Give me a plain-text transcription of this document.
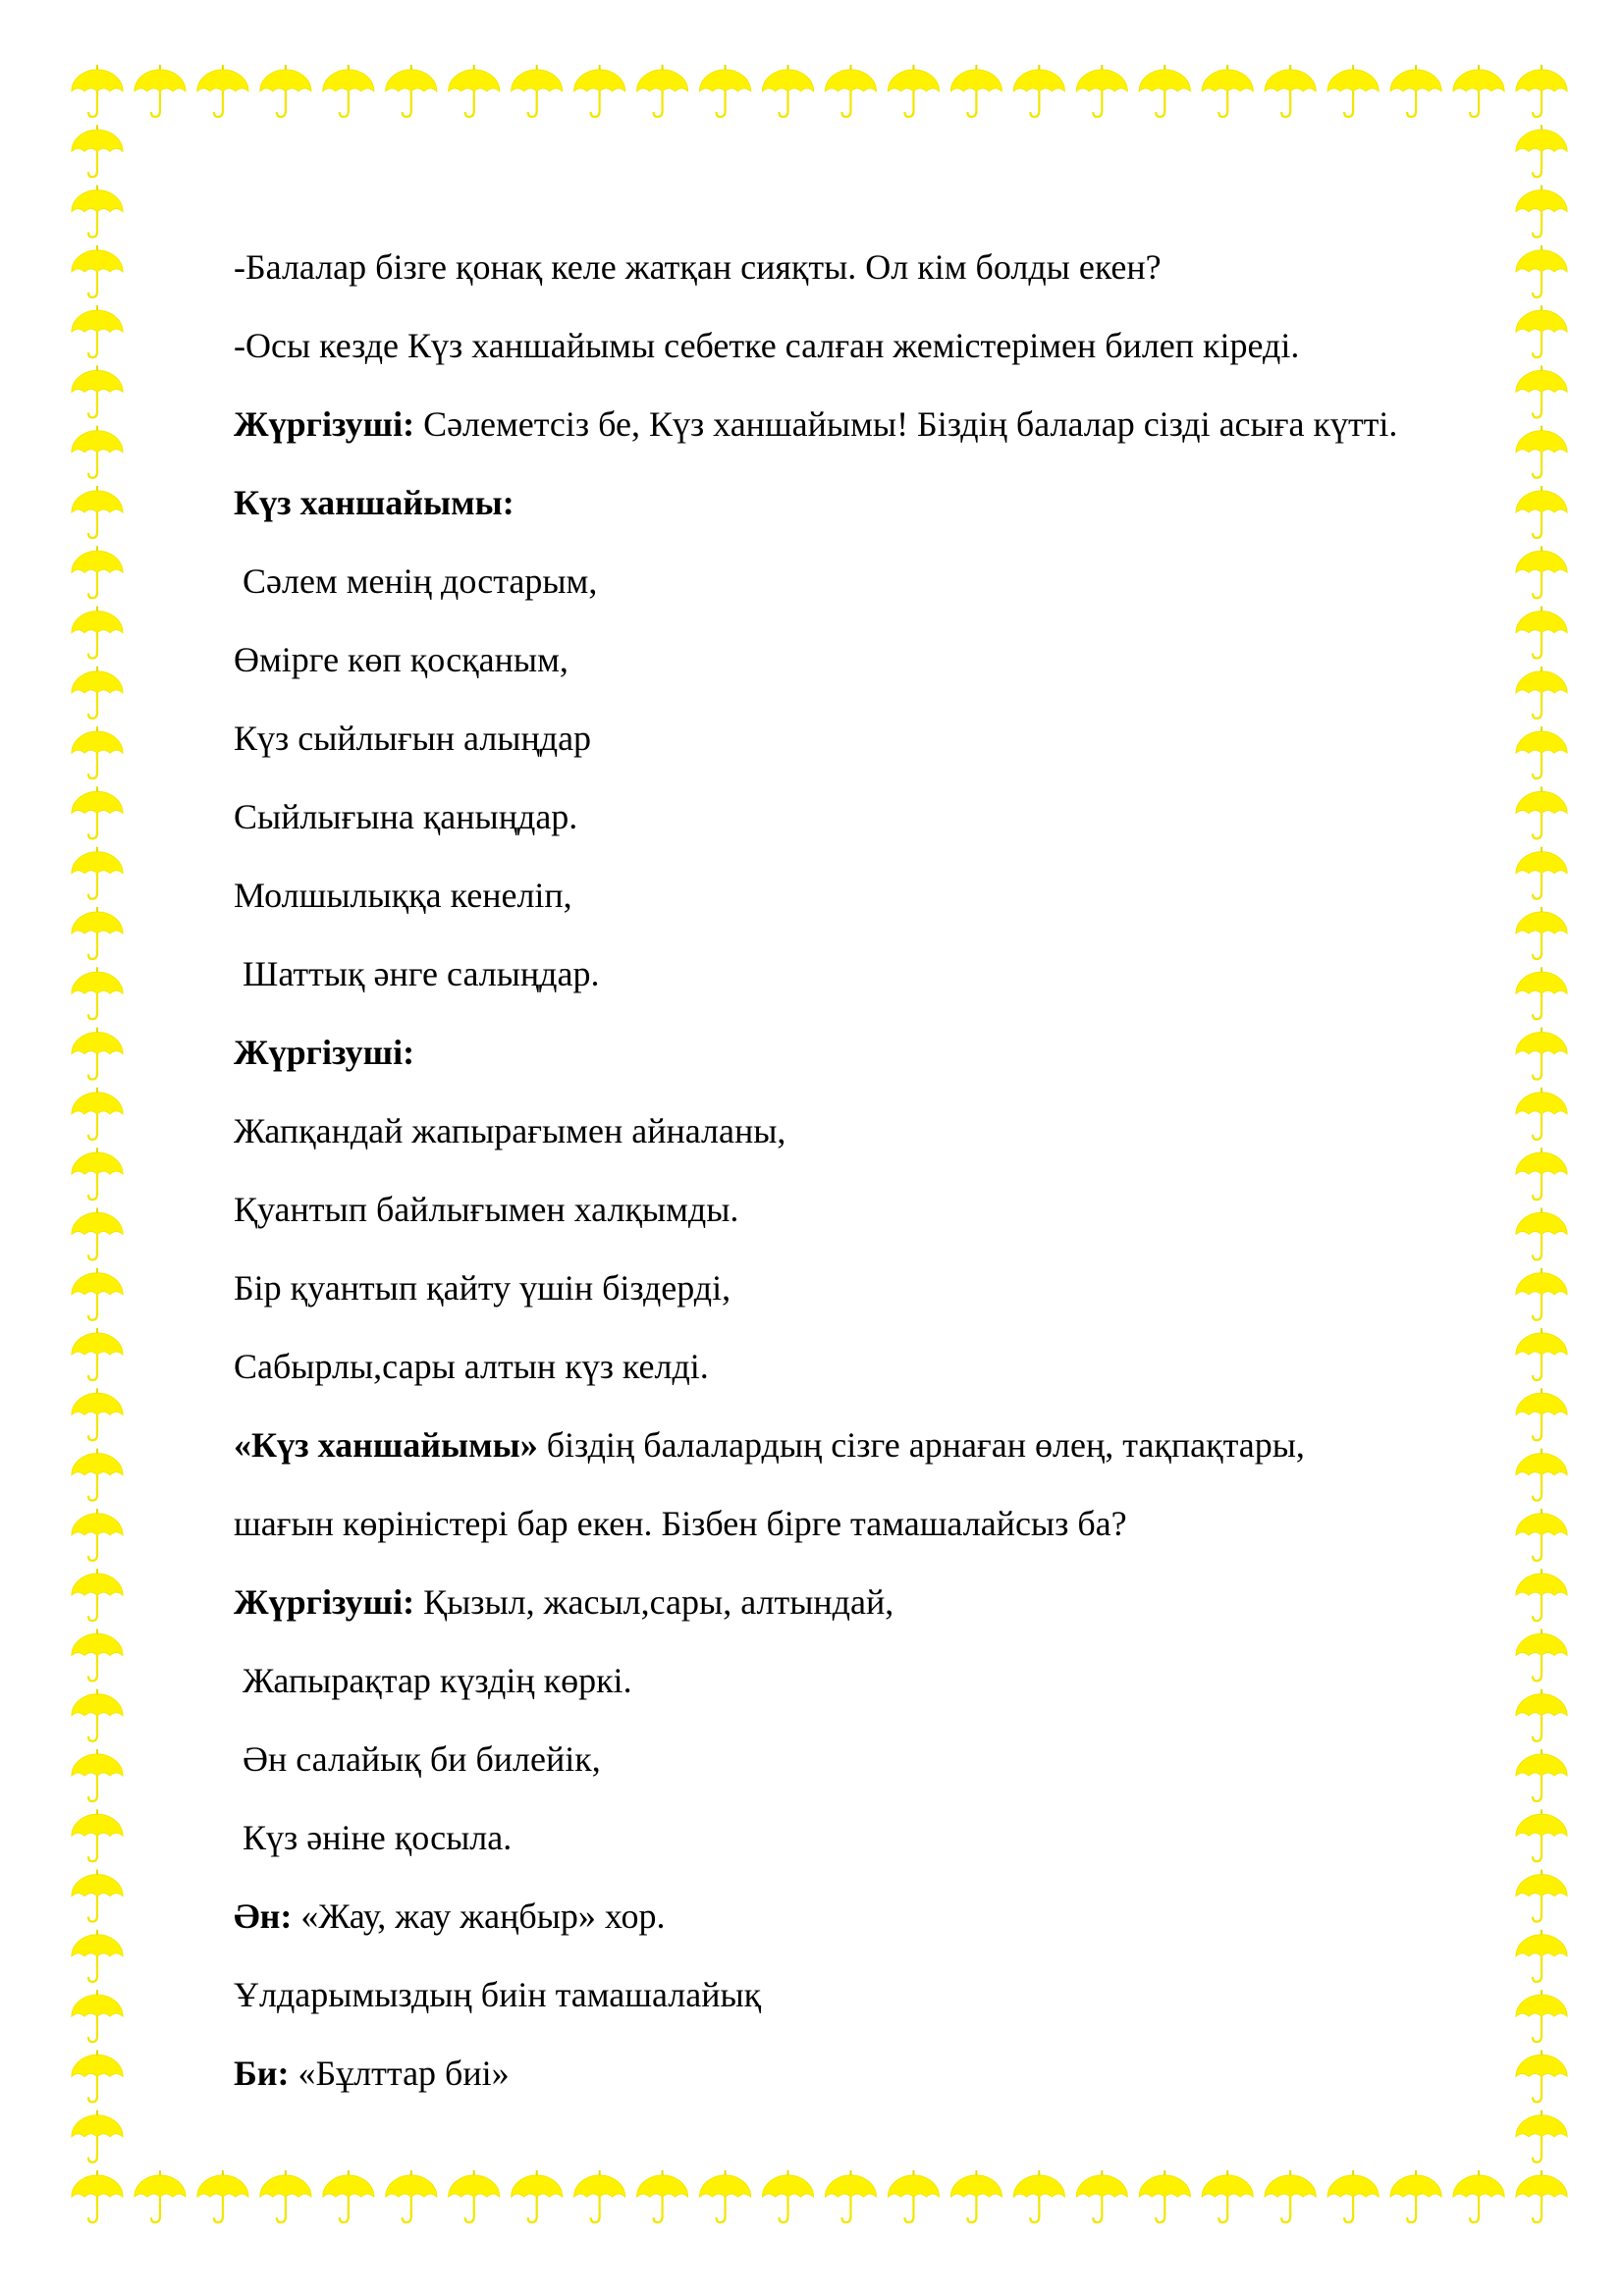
-Балалар бізге қонақ келе жатқан сияқты. Ол кім болды екен?

-Осы кезде Күз ханшайымы себетке салған жемістерімен билеп кіреді.

Жүргізуші: Сәлеметсіз бе, Күз ханшайымы! Біздің балалар сізді асыға күтті.

Күз ханшайымы:

Сәлем менің достарым,

Өмірге көп қосқаным,

Күз сыйлығын алыңдар

Сыйлығына қаныңдар.

Молшылыққа кенеліп,

Шаттық әнге салыңдар.

Жүргізуші:

Жапқандай жапырағымен айналаны,

Қуантып байлығымен халқымды.

Бір қуантып қайту үшін біздерді,

Сабырлы,сары алтын күз келді.

«Күз ханшайымы» біздің балалардың сізге арнаған өлең, тақпақтары,

шағын көріністері бар екен. Бізбен бірге тамашалайсыз ба?

Жүргізуші: Қызыл, жасыл,сары, алтындай,

Жапырақтар күздің көркі.

Ән салайық би билейік,

Күз әніне қосыла.

Ән: «Жау, жау жаңбыр» хор.

Ұлдарымыздың биін тамашалайық

Би: «Бұлттар биі»
